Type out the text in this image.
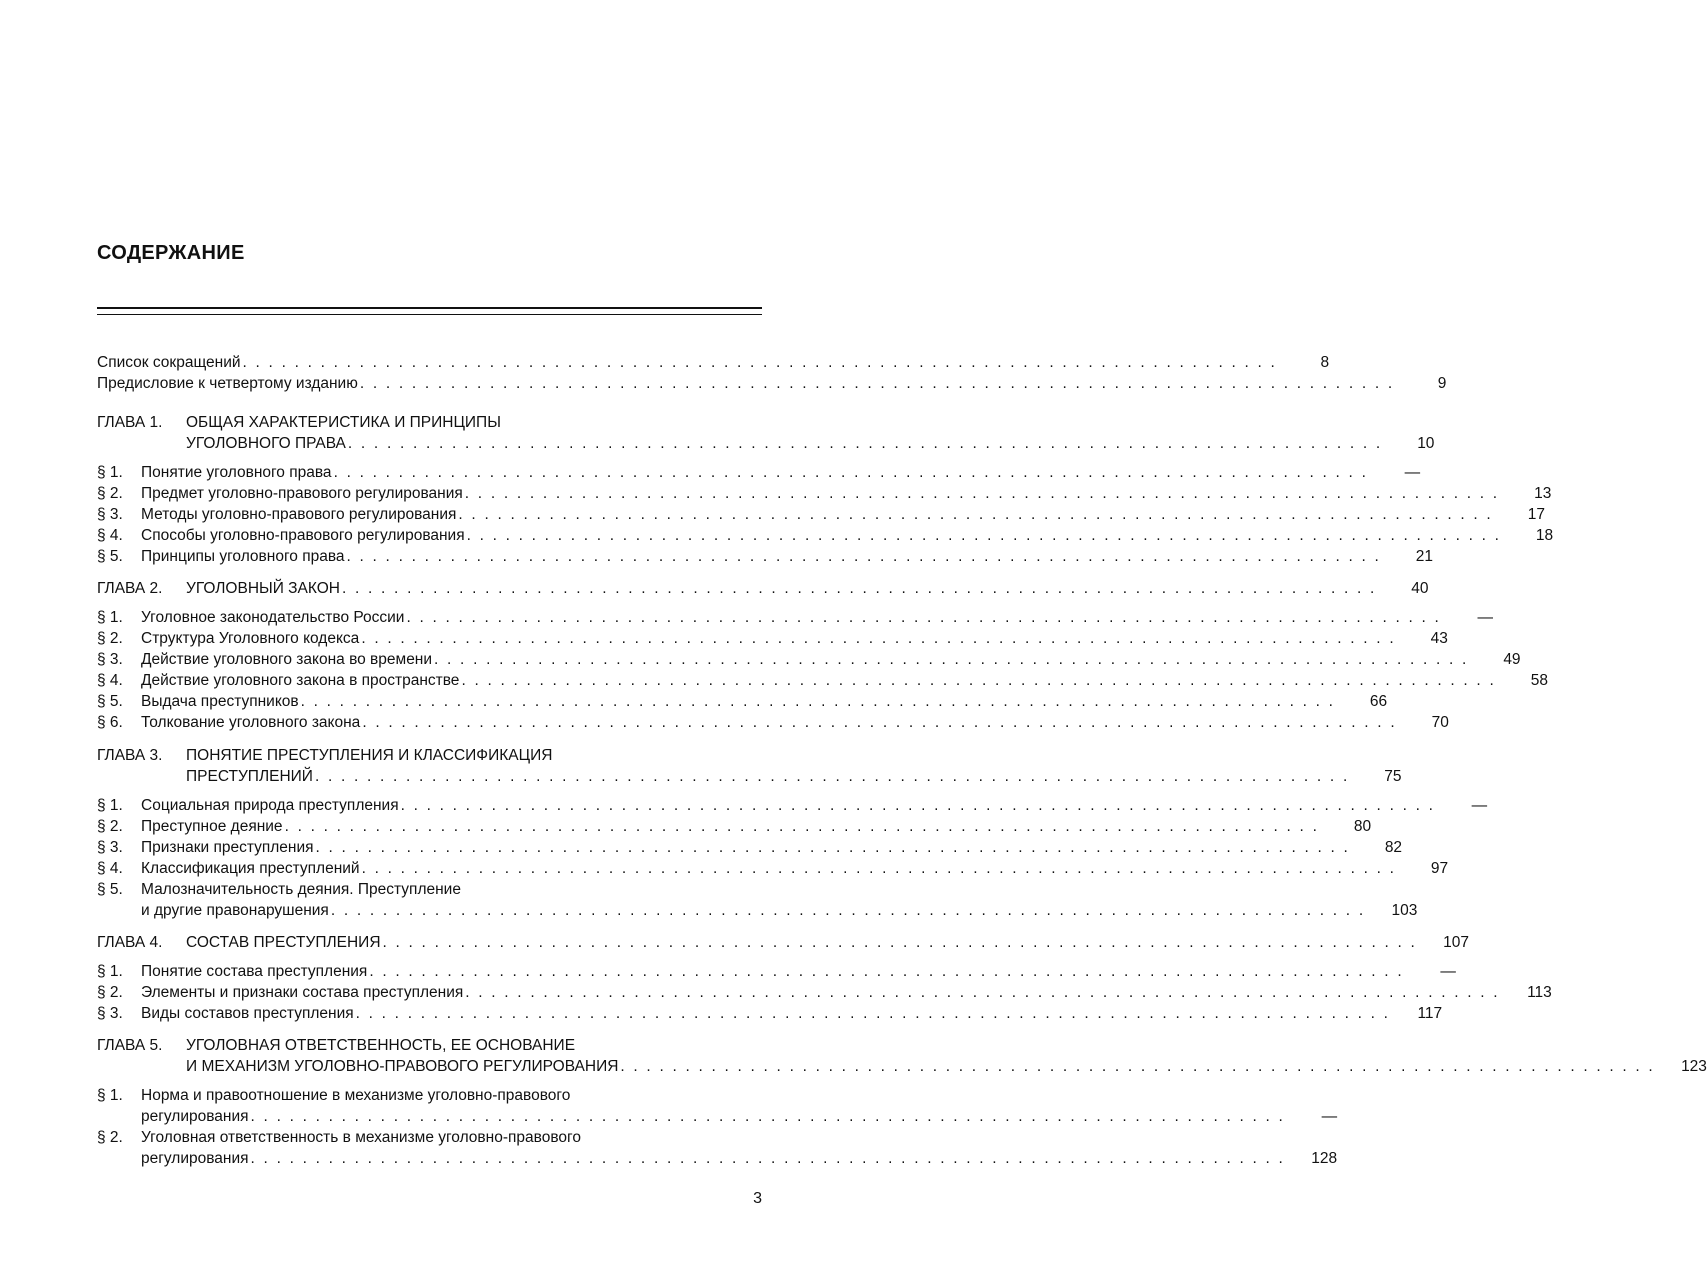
СОДЕРЖАНИЕ
Список сокращений . . . . . . . . . . . . . . . . . . . . . . . . . . . . . . . . . . . . . . . . . . . . . . . . . . . . . . . . . . . . . . . . . . . . . . . . . . . . . . . .	8
Предисловие к четвертому изданию . . . . . . . . . . . . . . . . . . . . . . . . . . . . . . . . . . . . . . . . . . . . . . . . . . . . . . . . . . . . . . . . . . . . . . . . . . . . . . . .	9
ГЛАВА 1. ОБЩАЯ ХАРАКТЕРИСТИКА И ПРИНЦИПЫ
УГОЛОВНОГО ПРАВА . . . . . . . . . . . . . . . . . . . . . . . . . . . . . . . . . . . . . . . . . . . . . . . . . . . . . . . . . . . . . . . . . . . . . . . . . . . . . . . .	10
§ 1. Понятие уголовного права . . . . . . . . . . . . . . . . . . . . . . . . . . . . . . . . . . . . . . . . . . . . . . . . . . . . . . . . . . . . . . . . . . . . . . . . . . . . . . . .	—
§ 2. Предмет уголовно-правового регулирования . . . . . . . . . . . . . . . . . . . . . . . . . . . . . . . . . . . . . . . . . . . . . . . . . . . . . . . . . . . . . . . . . . . . . . . . . . . . . . . .	13
§ 3. Методы уголовно-правового регулирования . . . . . . . . . . . . . . . . . . . . . . . . . . . . . . . . . . . . . . . . . . . . . . . . . . . . . . . . . . . . . . . . . . . . . . . . . . . . . . . .	17
§ 4. Способы уголовно-правового регулирования . . . . . . . . . . . . . . . . . . . . . . . . . . . . . . . . . . . . . . . . . . . . . . . . . . . . . . . . . . . . . . . . . . . . . . . . . . . . . . . .	18
§ 5. Принципы уголовного права . . . . . . . . . . . . . . . . . . . . . . . . . . . . . . . . . . . . . . . . . . . . . . . . . . . . . . . . . . . . . . . . . . . . . . . . . . . . . . . .	21
ГЛАВА 2. УГОЛОВНЫЙ ЗАКОН . . . . . . . . . . . . . . . . . . . . . . . . . . . . . . . . . . . . . . . . . . . . . . . . . . . . . . . . . . . . . . . . . . . . . . . . . . . . . . . .	40
§ 1. Уголовное законодательство России . . . . . . . . . . . . . . . . . . . . . . . . . . . . . . . . . . . . . . . . . . . . . . . . . . . . . . . . . . . . . . . . . . . . . . . . . . . . . . . .	—
§ 2. Структура Уголовного кодекса . . . . . . . . . . . . . . . . . . . . . . . . . . . . . . . . . . . . . . . . . . . . . . . . . . . . . . . . . . . . . . . . . . . . . . . . . . . . . . . .	43
§ 3. Действие уголовного закона во времени . . . . . . . . . . . . . . . . . . . . . . . . . . . . . . . . . . . . . . . . . . . . . . . . . . . . . . . . . . . . . . . . . . . . . . . . . . . . . . . .	49
§ 4. Действие уголовного закона в пространстве . . . . . . . . . . . . . . . . . . . . . . . . . . . . . . . . . . . . . . . . . . . . . . . . . . . . . . . . . . . . . . . . . . . . . . . . . . . . . . . .	58
§ 5. Выдача преступников . . . . . . . . . . . . . . . . . . . . . . . . . . . . . . . . . . . . . . . . . . . . . . . . . . . . . . . . . . . . . . . . . . . . . . . . . . . . . . . .	66
§ 6. Толкование уголовного закона . . . . . . . . . . . . . . . . . . . . . . . . . . . . . . . . . . . . . . . . . . . . . . . . . . . . . . . . . . . . . . . . . . . . . . . . . . . . . . . .	70
ГЛАВА 3. ПОНЯТИЕ ПРЕСТУПЛЕНИЯ И КЛАССИФИКАЦИЯ
ПРЕСТУПЛЕНИЙ . . . . . . . . . . . . . . . . . . . . . . . . . . . . . . . . . . . . . . . . . . . . . . . . . . . . . . . . . . . . . . . . . . . . . . . . . . . . . . . .	75
§ 1. Социальная природа преступления . . . . . . . . . . . . . . . . . . . . . . . . . . . . . . . . . . . . . . . . . . . . . . . . . . . . . . . . . . . . . . . . . . . . . . . . . . . . . . . .	—
§ 2. Преступное деяние . . . . . . . . . . . . . . . . . . . . . . . . . . . . . . . . . . . . . . . . . . . . . . . . . . . . . . . . . . . . . . . . . . . . . . . . . . . . . . . .	80
§ 3. Признаки преступления . . . . . . . . . . . . . . . . . . . . . . . . . . . . . . . . . . . . . . . . . . . . . . . . . . . . . . . . . . . . . . . . . . . . . . . . . . . . . . . .	82
§ 4. Классификация преступлений . . . . . . . . . . . . . . . . . . . . . . . . . . . . . . . . . . . . . . . . . . . . . . . . . . . . . . . . . . . . . . . . . . . . . . . . . . . . . . . .	97
§ 5. Малозначительность деяния. Преступление
и другие правонарушения . . . . . . . . . . . . . . . . . . . . . . . . . . . . . . . . . . . . . . . . . . . . . . . . . . . . . . . . . . . . . . . . . . . . . . . . . . . . . . . .	103
ГЛАВА 4. СОСТАВ ПРЕСТУПЛЕНИЯ . . . . . . . . . . . . . . . . . . . . . . . . . . . . . . . . . . . . . . . . . . . . . . . . . . . . . . . . . . . . . . . . . . . . . . . . . . . . . . . .	107
§ 1. Понятие состава преступления . . . . . . . . . . . . . . . . . . . . . . . . . . . . . . . . . . . . . . . . . . . . . . . . . . . . . . . . . . . . . . . . . . . . . . . . . . . . . . . .	—
§ 2. Элементы и признаки состава преступления . . . . . . . . . . . . . . . . . . . . . . . . . . . . . . . . . . . . . . . . . . . . . . . . . . . . . . . . . . . . . . . . . . . . . . . . . . . . . . . .	113
§ 3. Виды составов преступления . . . . . . . . . . . . . . . . . . . . . . . . . . . . . . . . . . . . . . . . . . . . . . . . . . . . . . . . . . . . . . . . . . . . . . . . . . . . . . . .	117
ГЛАВА 5. УГОЛОВНАЯ ОТВЕТСТВЕННОСТЬ, ЕЕ ОСНОВАНИЕ
И МЕХАНИЗМ УГОЛОВНО-ПРАВОВОГО РЕГУЛИРОВАНИЯ . . . . . . . . . . . . . . . . . . . . . . . . . . . . . . . . . . . . . . . . . . . . . . . . . . . . . . . . . . . . . . . . . . . . . . . . . . . . . . . .	123
§ 1. Норма и правоотношение в механизме уголовно-правового
регулирования . . . . . . . . . . . . . . . . . . . . . . . . . . . . . . . . . . . . . . . . . . . . . . . . . . . . . . . . . . . . . . . . . . . . . . . . . . . . . . . .	—
§ 2. Уголовная ответственность в механизме уголовно-правового
регулирования . . . . . . . . . . . . . . . . . . . . . . . . . . . . . . . . . . . . . . . . . . . . . . . . . . . . . . . . . . . . . . . . . . . . . . . . . . . . . . . .	128
3
